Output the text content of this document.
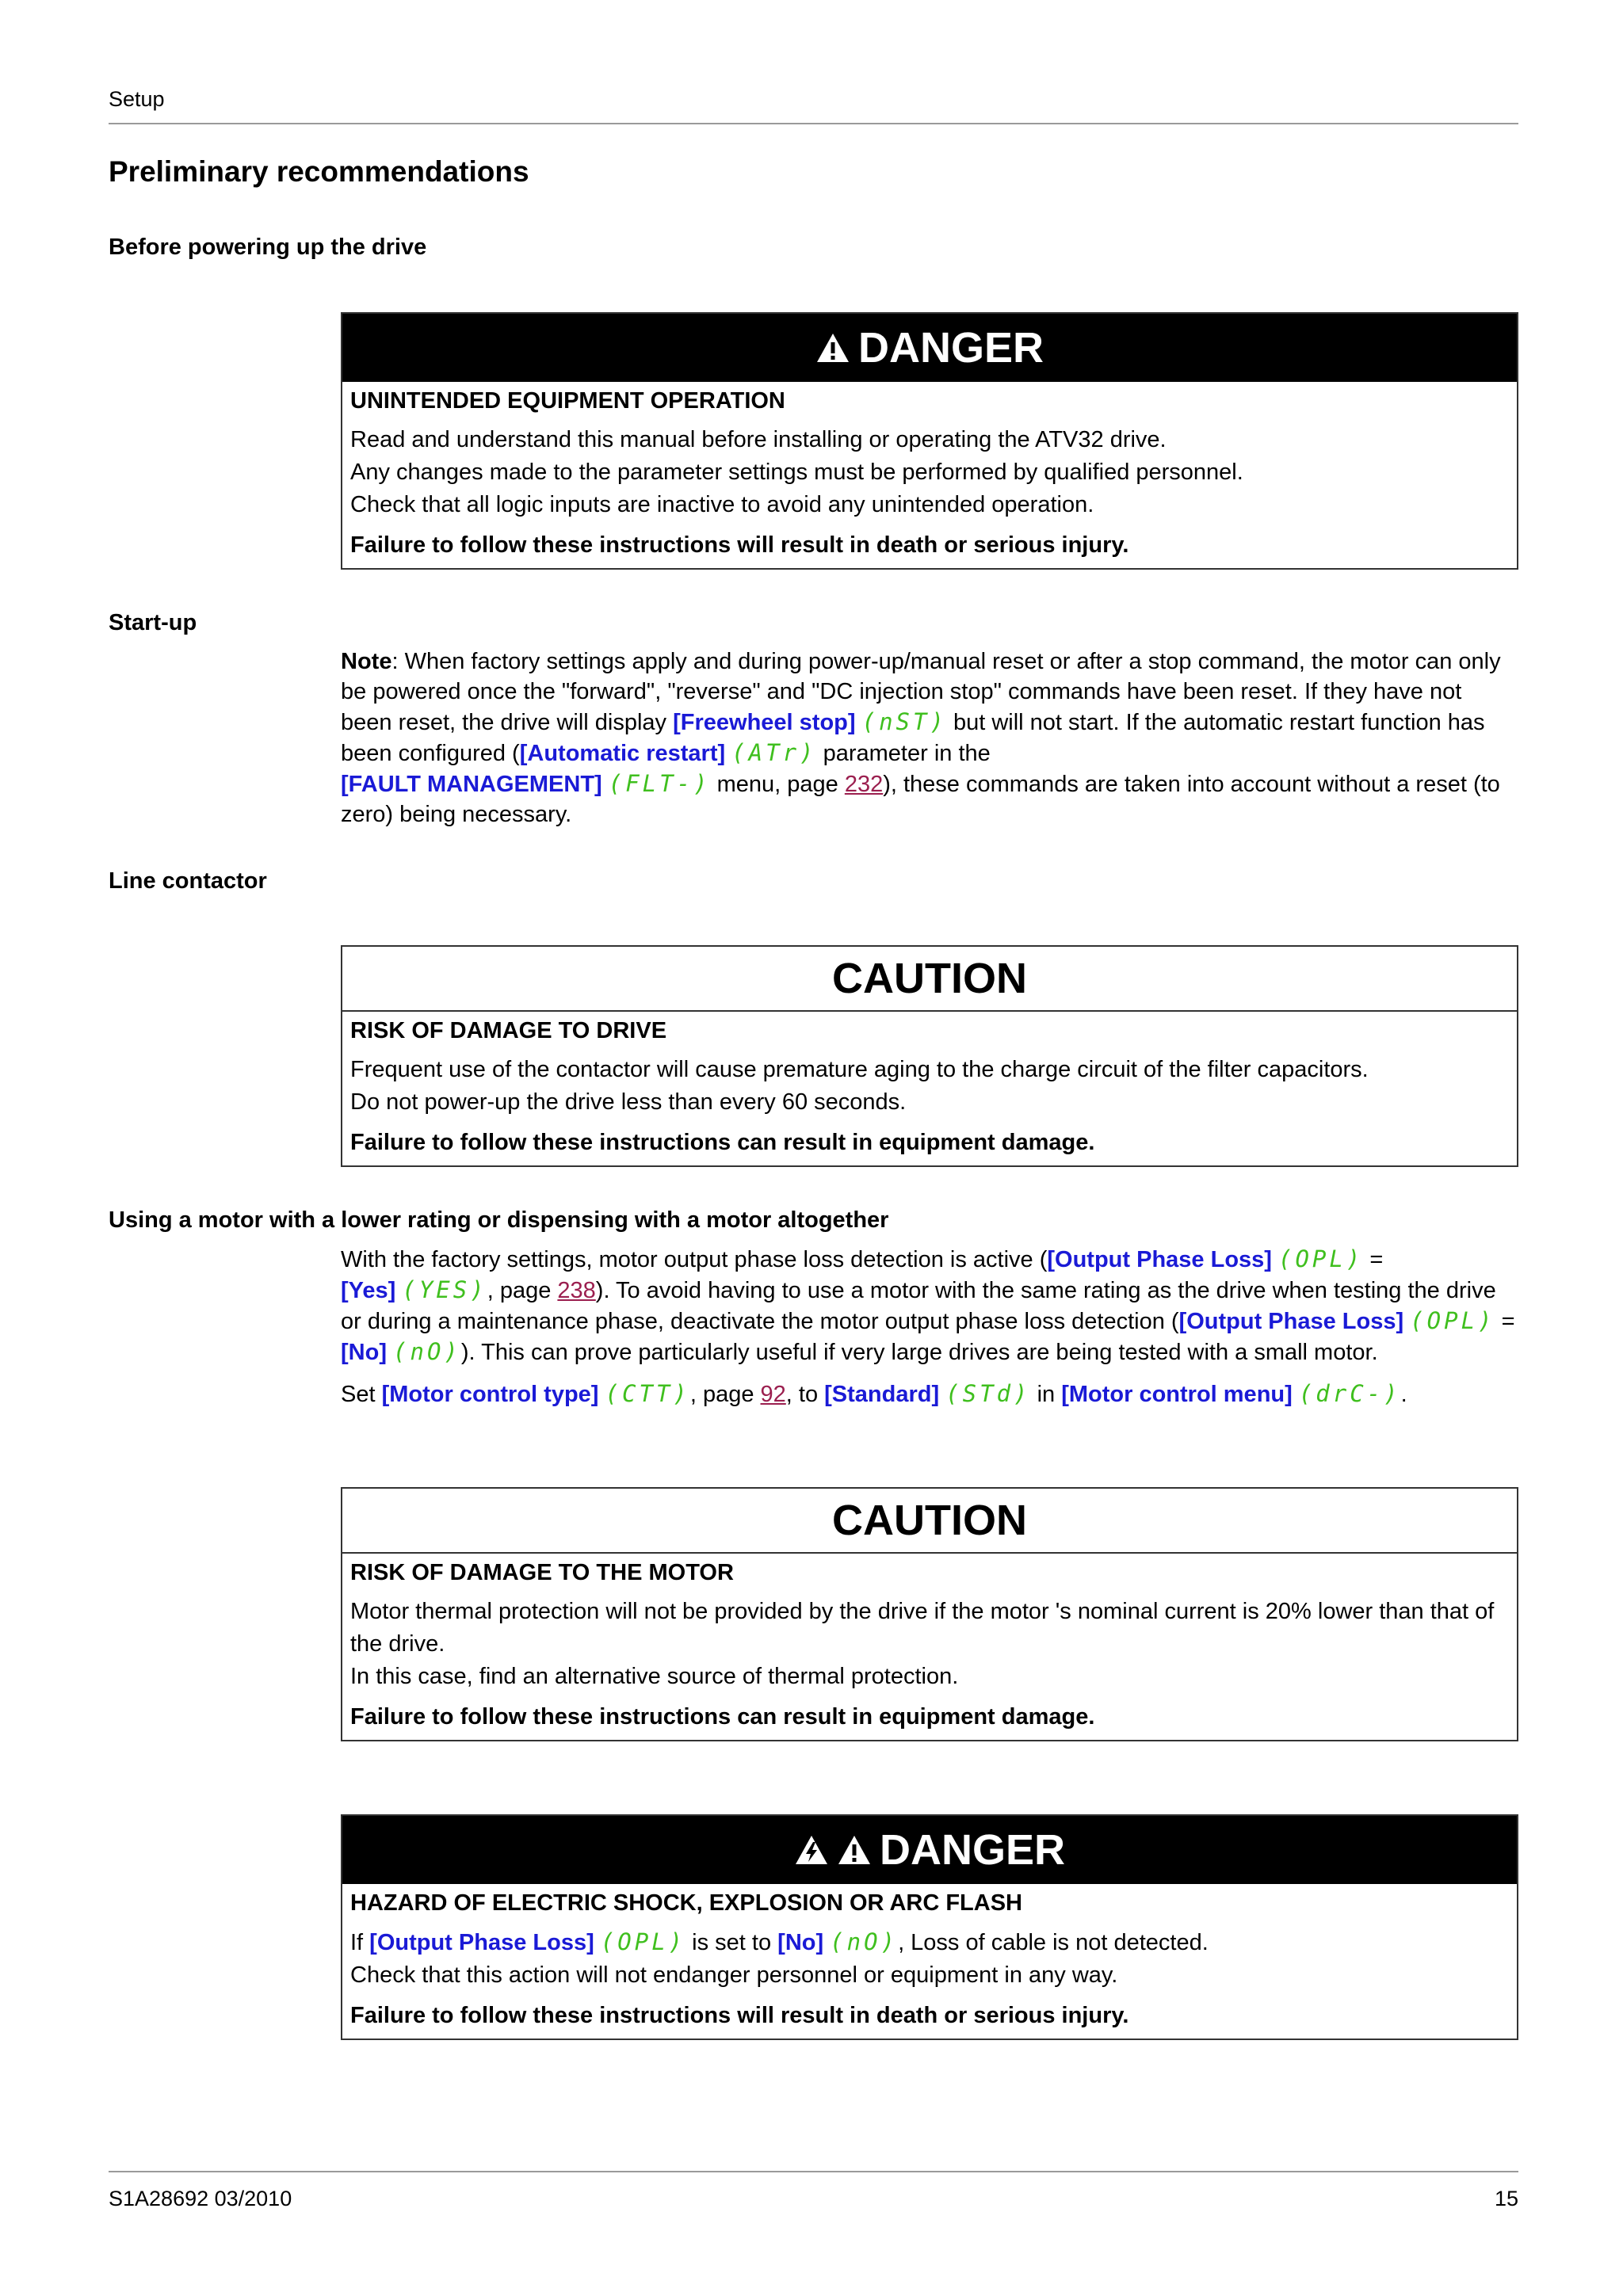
Setup
Preliminary recommendations
Before powering up the drive
DANGER
UNINTENDED EQUIPMENT OPERATION
Read and understand this manual before installing or operating the ATV32 drive.
Any changes made to the parameter settings must be performed by qualified personnel.
Check that all logic inputs are inactive to avoid any unintended operation.
Failure to follow these instructions will result in death or serious injury.
Start-up

Note: When factory settings apply and during power-up/manual reset or after a stop command, the motor can only be powered once the "forward", "reverse" and "DC injection stop" commands have been reset. If they have not been reset, the drive will display [Freewheel stop] (nST) but will not start. If the automatic restart function has been configured ([Automatic restart] (ATr) parameter in the
[FAULT MANAGEMENT] (FLT-) menu, page 232), these commands are taken into account without a reset (to zero) being necessary.

Line contactor
CAUTION
RISK OF DAMAGE TO DRIVE
Frequent use of the contactor will cause premature aging to the charge circuit of the filter capacitors.
Do not power-up the drive less than every 60 seconds.
Failure to follow these instructions can result in equipment damage.
Using a motor with a lower rating or dispensing with a motor altogether

With the factory settings, motor output phase loss detection is active ([Output Phase Loss] (OPL) =
[Yes] (YES), page 238). To avoid having to use a motor with the same rating as the drive when testing the drive or during a maintenance phase, deactivate the motor output phase loss detection ([Output Phase Loss] (OPL) = [No] (nO)). This can prove particularly useful if very large drives are being tested with a small motor.

Set [Motor control type] (CTT), page 92, to [Standard] (STd) in [Motor control menu] (drC-).

CAUTION
RISK OF DAMAGE TO THE MOTOR
Motor thermal protection will not be provided by the drive if the motor 's nominal current is 20% lower than that of the drive.
In this case, find an alternative source of thermal protection.
Failure to follow these instructions can result in equipment damage.
DANGER
HAZARD OF ELECTRIC SHOCK, EXPLOSION OR ARC FLASH
If [Output Phase Loss] (OPL) is set to [No] (nO), Loss of cable is not detected.
Check that this action will not endanger personnel or equipment in any way.
Failure to follow these instructions will result in death or serious injury.
S1A28692 03/2010	15
